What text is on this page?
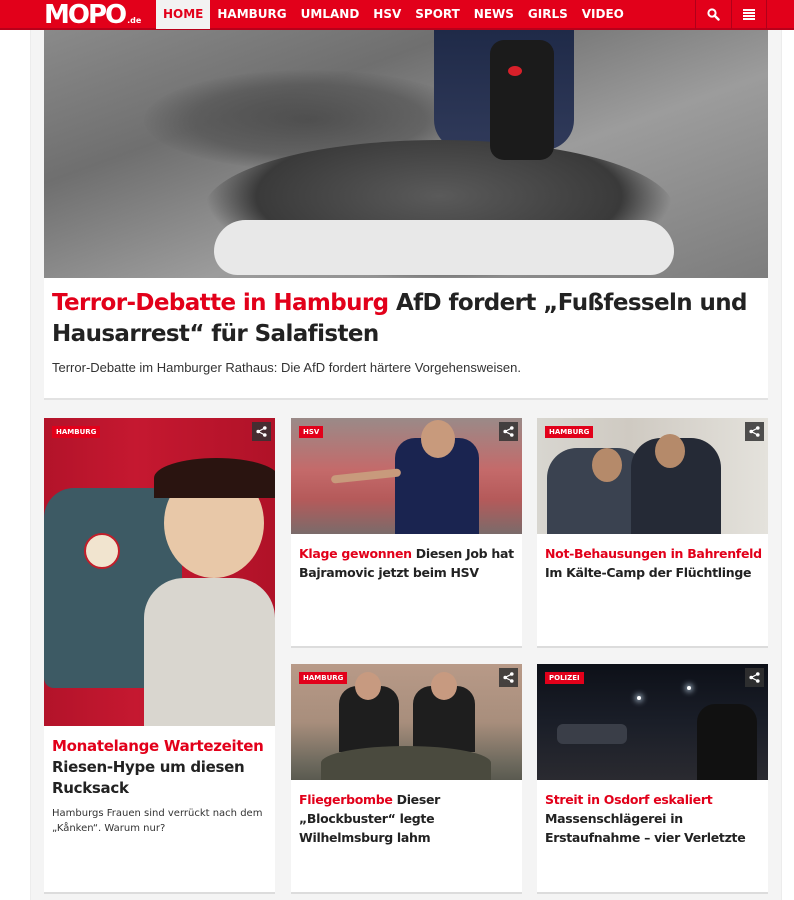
MOPO .de	HOME	HAMBURG	UMLAND	HSV	SPORT	NEWS	GIRLS	VIDEO
Terror-Debatte in Hamburg AfD fordert „Fußfesseln und Hausarrest“ für Salafisten
Terror-Debatte im Hamburger Rathaus: Die AfD fordert härtere Vorgehensweisen.
HAMBURG
Monatelange Wartezeiten
Riesen-Hype um diesen Rucksack
Hamburgs Frauen sind verrückt nach dem „Kånken“. Warum nur?
HSV
Klage gewonnen Diesen Job hat Bajramovic jetzt beim HSV
HAMBURG
Not-Behausungen in Bahrenfeld
Im Kälte-Camp der Flüchtlinge
HAMBURG
Fliegerbombe Dieser „Blockbuster“ legte Wilhelmsburg lahm
POLIZEI
Streit in Osdorf eskaliert
Massenschlägerei in Erstaufnahme – vier Verletzte
